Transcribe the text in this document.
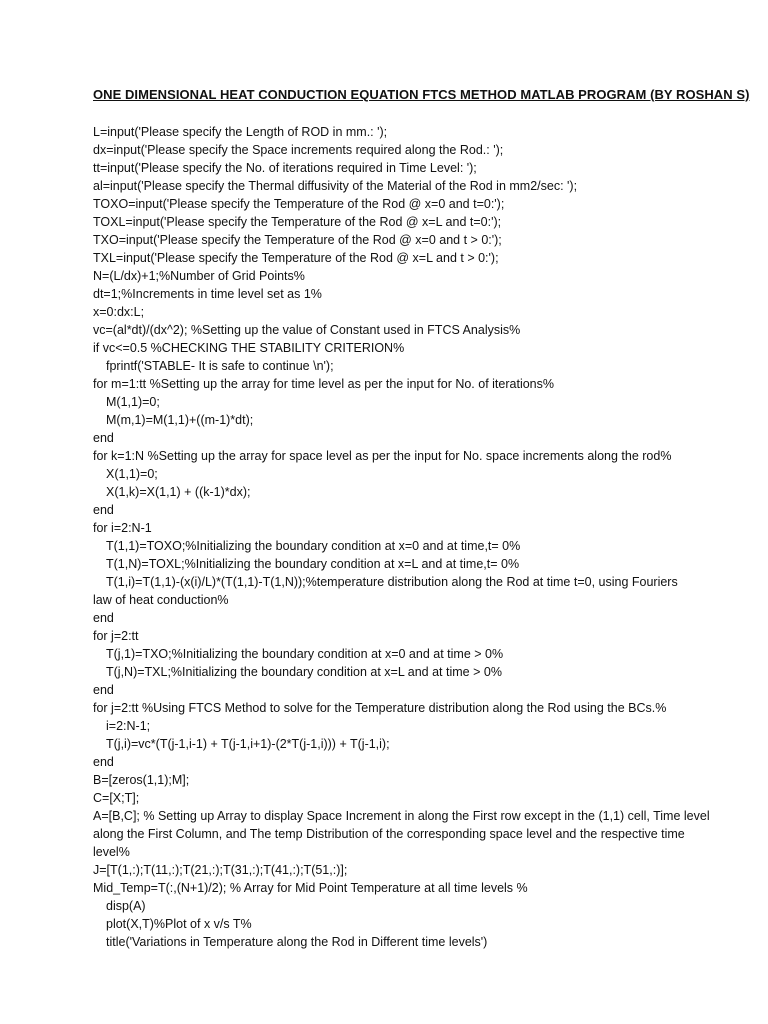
ONE DIMENSIONAL HEAT CONDUCTION EQUATION FTCS METHOD MATLAB PROGRAM (BY ROSHAN S)
L=input('Please specify the Length of ROD in mm.: ');
dx=input('Please specify the Space increments required along the Rod.: ');
tt=input('Please specify the No. of iterations required in Time Level: ');
al=input('Please specify the Thermal diffusivity of the Material of the Rod in mm2/sec: ');
TOXO=input('Please specify the Temperature of the Rod @ x=0 and t=0:');
TOXL=input('Please specify the Temperature of the Rod @ x=L and t=0:');
TXO=input('Please specify the Temperature of the Rod @ x=0 and t > 0:');
TXL=input('Please specify the Temperature of the Rod @ x=L and t > 0:');
N=(L/dx)+1;%Number of Grid Points%
dt=1;%Increments in time level set as 1%
x=0:dx:L;
vc=(al*dt)/(dx^2); %Setting up the value of Constant used in FTCS Analysis%
if vc<=0.5 %CHECKING THE STABILITY CRITERION%
fprintf('STABLE- It is safe to continue \n');
for m=1:tt %Setting up the array for time level as per the input for No. of iterations%
M(1,1)=0;
M(m,1)=M(1,1)+((m-1)*dt);
end
for k=1:N %Setting up the array for space level as per the input for No. space increments along the rod%
X(1,1)=0;
X(1,k)=X(1,1) + ((k-1)*dx);
end
for i=2:N-1
T(1,1)=TOXO;%Initializing the boundary condition at x=0 and at time,t= 0%
T(1,N)=TOXL;%Initializing the boundary condition at x=L and at time,t= 0%
T(1,i)=T(1,1)-(x(i)/L)*(T(1,1)-T(1,N));%temperature distribution along the Rod at time t=0, using Fouriers
law of heat conduction%
end
for j=2:tt
T(j,1)=TXO;%Initializing the boundary condition at x=0 and at time > 0%
T(j,N)=TXL;%Initializing the boundary condition at x=L and at time > 0%
end
for j=2:tt %Using FTCS Method to solve for the Temperature distribution along the Rod using the BCs.%
i=2:N-1;
T(j,i)=vc*(T(j-1,i-1) + T(j-1,i+1)-(2*T(j-1,i))) + T(j-1,i);
end
B=[zeros(1,1);M];
C=[X;T];
A=[B,C]; % Setting up Array to display Space Increment in along the First row except in the (1,1) cell, Time level along the First Column, and The temp Distribution of the corresponding space level and the respective time level%
J=[T(1,:);T(11,:);T(21,:);T(31,:);T(41,:);T(51,:)];
Mid_Temp=T(:,(N+1)/2); % Array for Mid Point Temperature at all time levels %
disp(A)
plot(X,T)%Plot of x v/s T%
title('Variations in Temperature along the Rod in Different time levels')
